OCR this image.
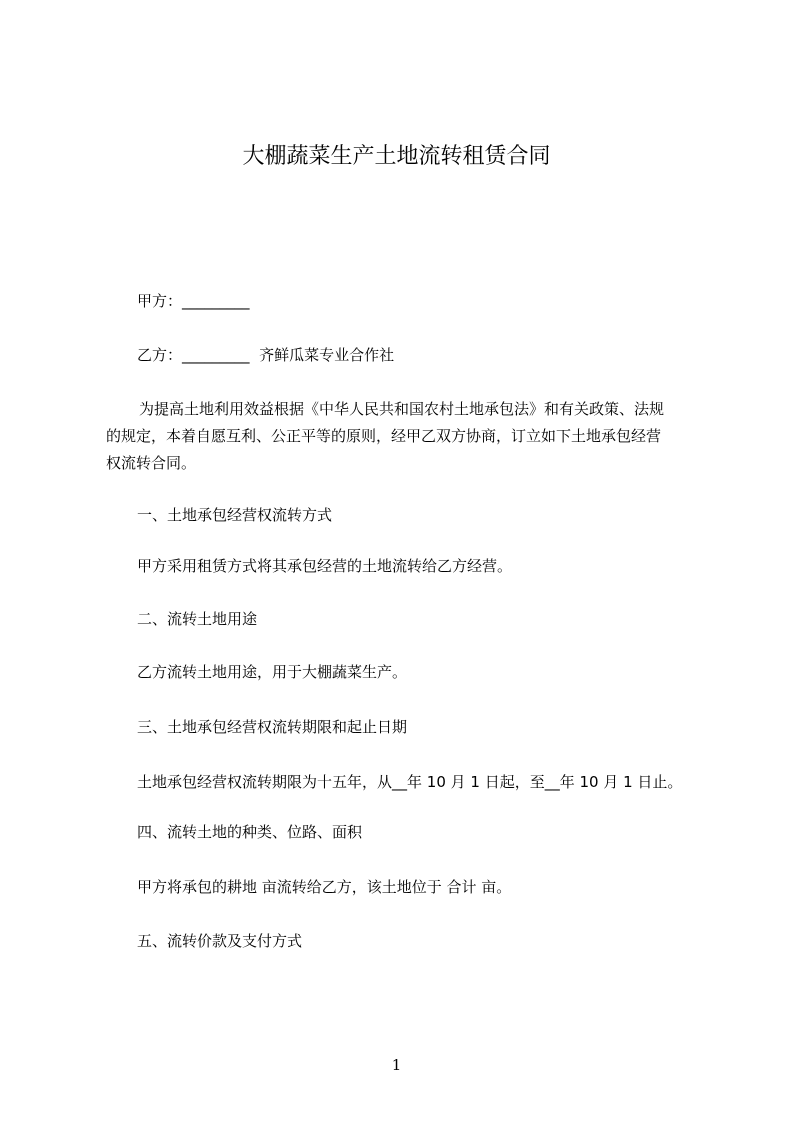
大棚蔬菜生产土地流转租赁合同

甲方：_________

乙方：_________ 齐鲜瓜菜专业合作社

为提高土地利用效益根据《中华人民共和国农村土地承包法》和有关政策、法规
的规定，本着自愿互利、公正平等的原则，经甲乙双方协商，订立如下土地承包经营
权流转合同。

一、土地承包经营权流转方式

甲方采用租赁方式将其承包经营的土地流转给乙方经营。

二、流转土地用途

乙方流转土地用途，用于大棚蔬菜生产。

三、土地承包经营权流转期限和起止日期

土地承包经营权流转期限为十五年，从__年 10 月 1 日起，至__年 10 月 1 日止。

四、流转土地的种类、位路、面积

甲方将承包的耕地 亩流转给乙方，该土地位于 合计 亩。

五、流转价款及支付方式

1
